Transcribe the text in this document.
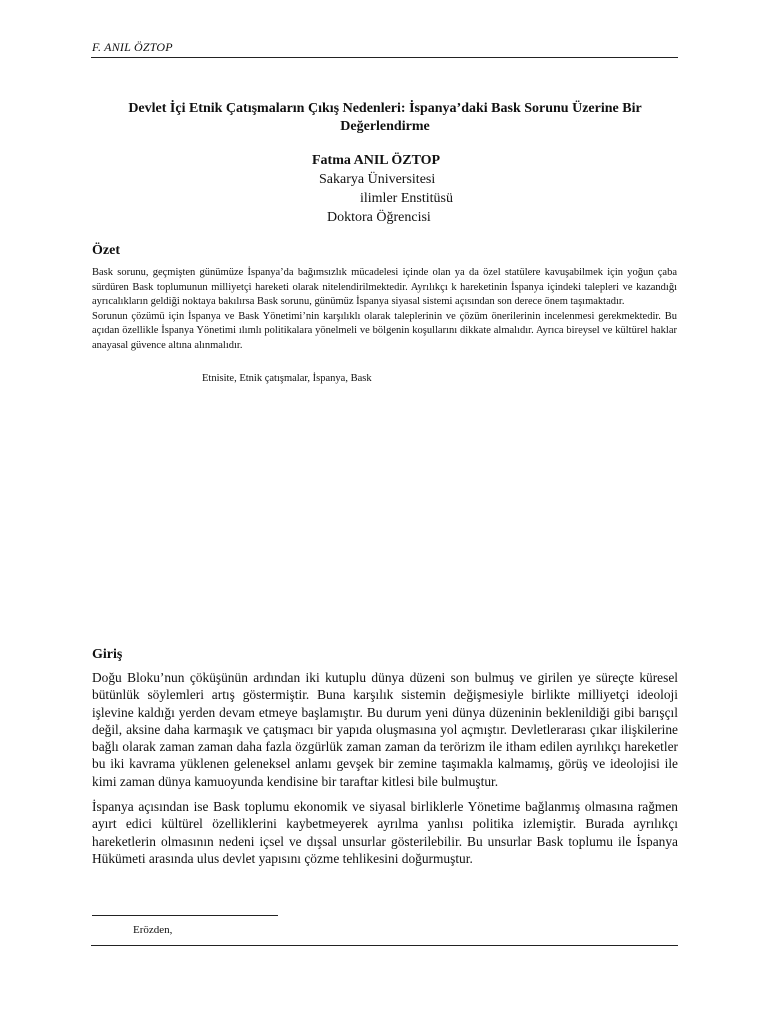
F. ANIL ÖZTOP
Devlet İçi Etnik Çatışmaların Çıkış Nedenleri: İspanya’daki Bask Sorunu Üzerine Bir Değerlendirme
Fatma ANIL ÖZTOP
Sakarya Üniversitesi
ilimler Enstitüsü
Doktora Öğrencisi
Özet

Bask sorunu, geçmişten günümüze İspanya’da bağımsızlık mücadelesi içinde olan ya da özel statülere kavuşabilmek için yoğun çaba sürdüren Bask toplumunun milliyetçi hareketi olarak nitelendirilmektedir. Ayrılıkçı k hareketinin İspanya içindeki talepleri ve kazandığı ayrıcalıkların geldiği noktaya bakılırsa Bask sorunu, günümüz İspanya siyasal sistemi açısından son derece önem taşımaktadır.

Sorunun çözümü için İspanya ve Bask Yönetimi’nin karşılıklı olarak taleplerinin ve çözüm önerilerinin incelenmesi gerekmektedir. Bu açıdan özellikle İspanya Yönetimi ılımlı politikalara yönelmeli ve bölgenin koşullarını dikkate almalıdır. Ayrıca bireysel ve kültürel haklar anayasal güvence altına alınmalıdır.

Etnisite, Etnik çatışmalar, İspanya, Bask
Giriş

Doğu Bloku’nun çöküşünün ardından iki kutuplu dünya düzeni son bulmuş ve girilen ye süreçte küresel bütünlük söylemleri artış göstermiştir. Buna karşılık sistemin değişmesiyle birlikte milliyetçi ideoloji işlevine kaldığı yerden devam etmeye başlamıştır. Bu durum yeni dünya düzeninin beklenildiği gibi barışçıl değil, aksine daha karmaşık ve çatışmacı bir yapıda oluşmasına yol açmıştır. Devletlerarası çıkar ilişkilerine bağlı olarak zaman zaman daha fazla özgürlük zaman zaman da terörizm ile itham edilen ayrılıkçı hareketler bu iki kavrama yüklenen geleneksel anlamı gevşek bir zemine taşımakla kalmamış, görüş ve ideolojisi ile kimi zaman dünya kamuoyunda kendisine bir taraftar kitlesi bile bulmuştur.

İspanya açısından ise Bask toplumu ekonomik ve siyasal birliklerle Yönetime bağlanmış olmasına rağmen ayırt edici kültürel özelliklerini kaybetmeyerek ayrılma yanlısı politika izlemiştir. Burada ayrılıkçı hareketlerin olmasının nedeni içsel ve dışsal unsurlar gösterilebilir. Bu unsurlar Bask toplumu ile İspanya Hükümeti arasında ulus devlet yapısını çözme tehlikesini doğurmuştur.

Erözden,
